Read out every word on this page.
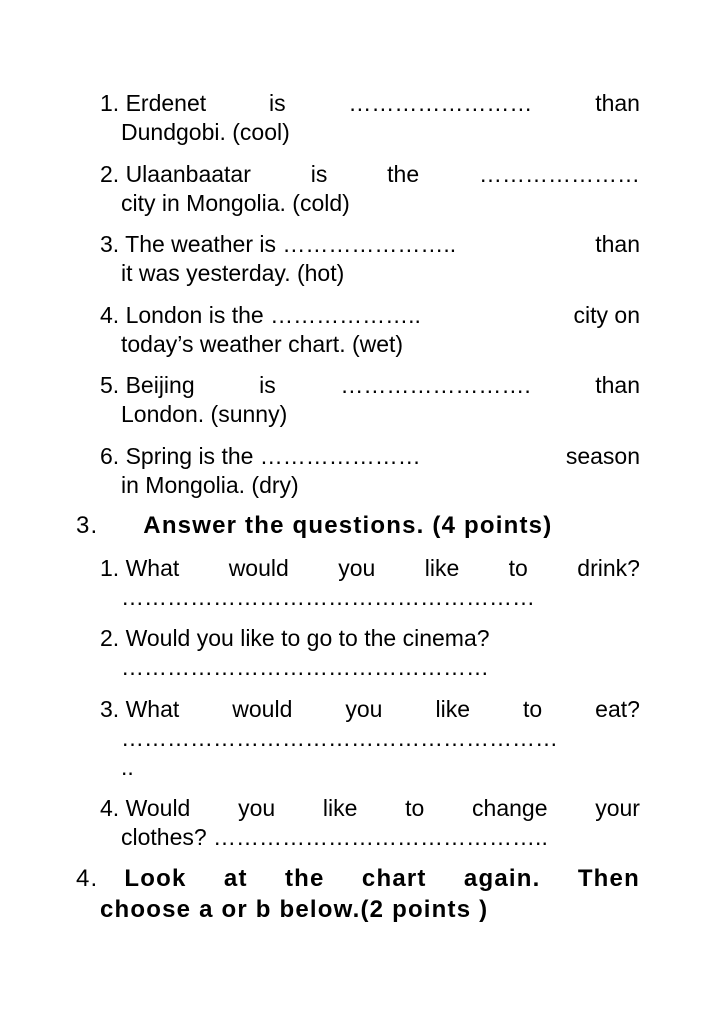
1. Erdenet	is	……………………	than
Dundgobi. (cool)
2. Ulaanbaatar	is	the	…………………
city in Mongolia. (cold)
3. The weather is …………………..	than
it was yesterday. (hot)
4. London is the ………………..	city on
today’s weather chart. (wet)
5. Beijing	is	…………………….	than
London. (sunny)
6. Spring is the …………………	season
in Mongolia. (dry)
3. Answer the questions. (4 points)
1. What would you like to drink?
………………………………………………
2. Would you like to go to the cinema?
…………………………………………
3. What would you like to eat?
…………………………………………………
..
4. Would you like to change your
clothes? ……………………………………..
4. Look at the chart again. Then
choose a or b below.(2 points )
